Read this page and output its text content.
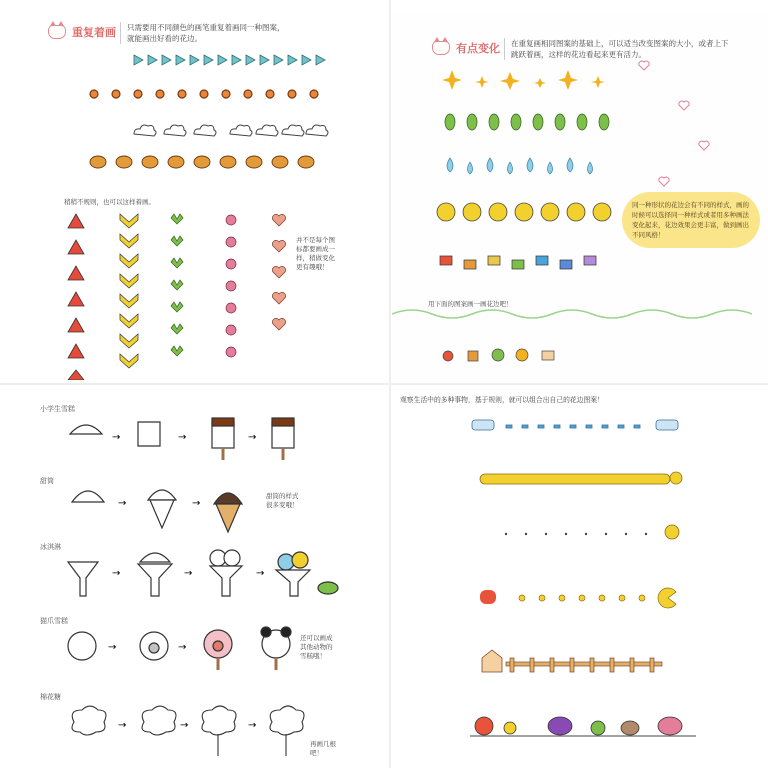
重复着画 只需要用不同颜色的画笔重复着画同一种图案，
就能画出好看的花边。
稍稍不规则，也可以这样着画。
并不是每个图
标都要画成一
样，稍做变化
更有趣哦！
有点变化 在重复画相同图案的基础上，可以适当改变图案的大小，或者上下
跳跃着画，这样的花边看起来更有活力。
同一种形状的花边会有不同的样式，画的时候可以选择同一种样式或者用多种画法变化起来，花边效果会更丰富，做到画出不同风格！
用下面的图案画一画花边吧！
小学生雪糕
甜筒
冰淇淋
猫爪雪糕
棉花糖
→	→	→
→	→
甜筒的样式
很多变哦！
→	→	→
→	→
还可以画成
其他动物的
雪糕哦！
→	→	→
再画几根
吧！
观察生活中的多种事物，基于规则，就可以组合出自己的花边图案！
